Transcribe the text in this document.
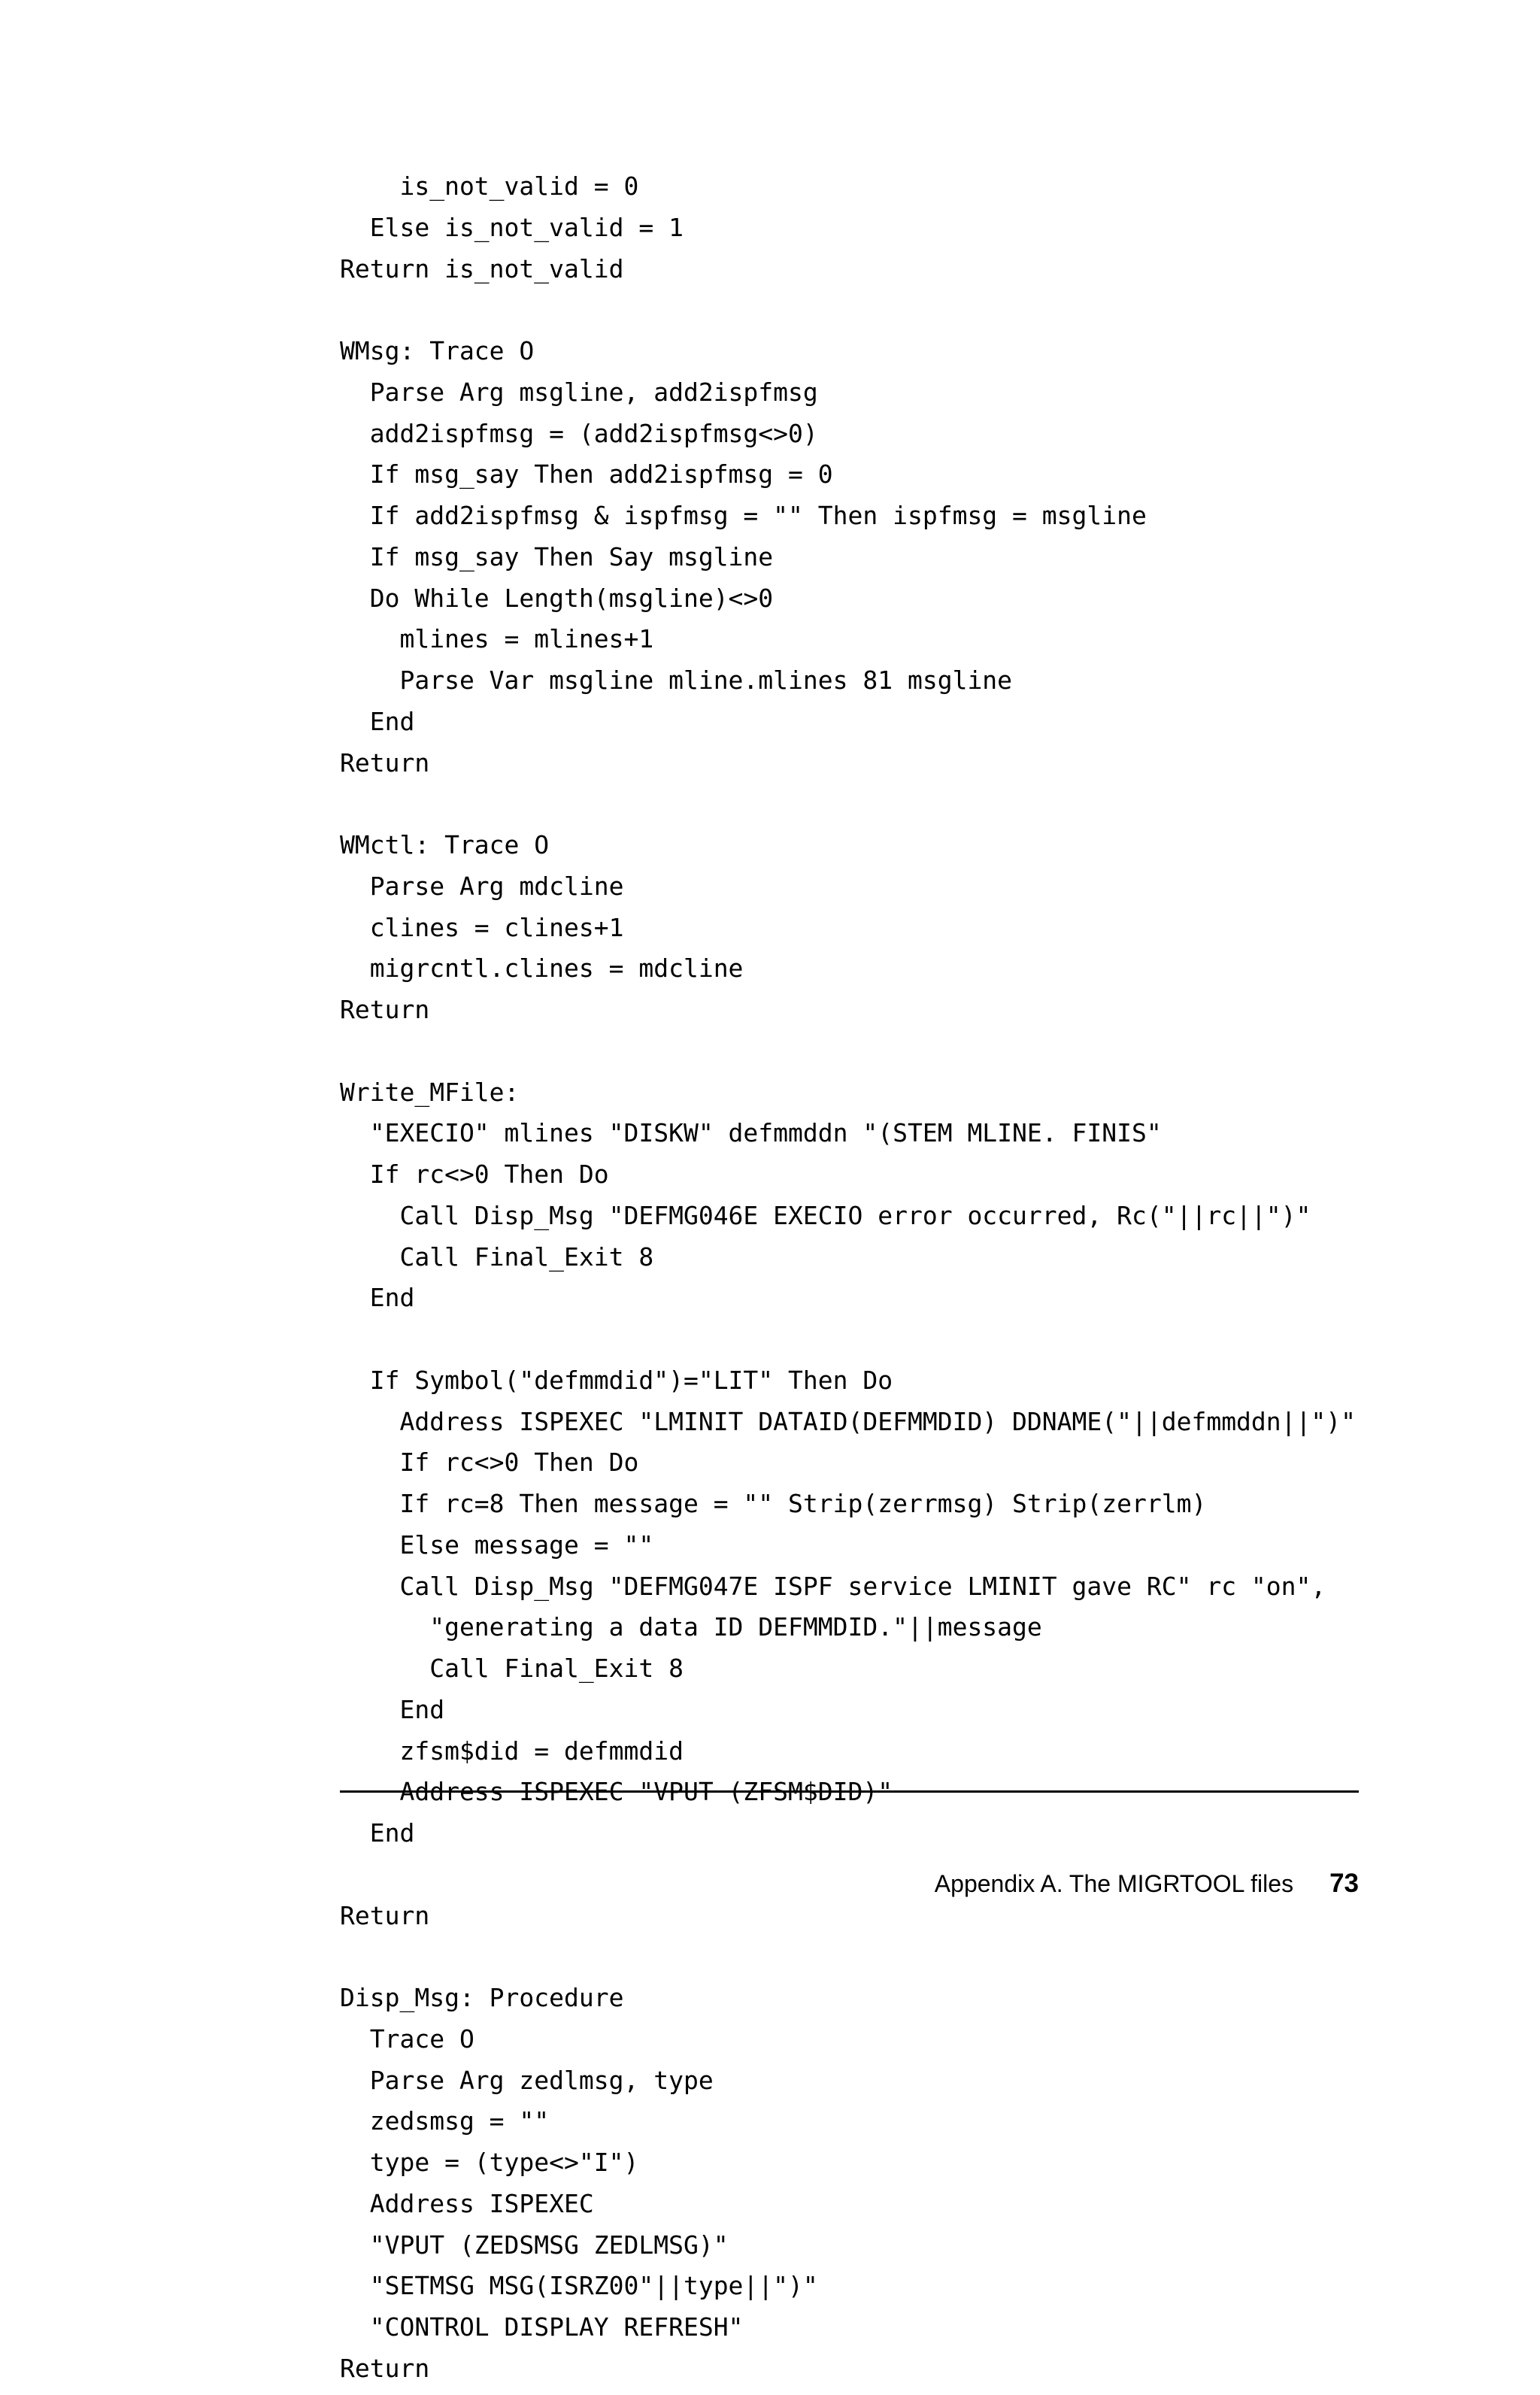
is_not_valid = 0

Else is_not_valid = 1

Return is_not_valid

WMsg: Trace O

Parse Arg msgline, add2ispfmsg

add2ispfmsg = (add2ispfmsg<>0)

If msg_say Then add2ispfmsg = 0

If add2ispfmsg & ispfmsg = "" Then ispfmsg = msgline

If msg_say Then Say msgline

Do While Length(msgline)<>0

mlines = mlines+1

Parse Var msgline mline.mlines 81 msgline

End

Return

WMctl: Trace O

Parse Arg mdcline

clines = clines+1

migrcntl.clines = mdcline

Return

Write_MFile:

"EXECIO" mlines "DISKW" defmmddn "(STEM MLINE. FINIS"

If rc<>0 Then Do

Call Disp_Msg "DEFMG046E EXECIO error occurred, Rc("||rc||")"

Call Final_Exit 8

End

If Symbol("defmmdid")="LIT" Then Do

Address ISPEXEC "LMINIT DATAID(DEFMMDID) DDNAME("||defmmddn||")"

If rc<>0 Then Do

If rc=8 Then message = "" Strip(zerrmsg) Strip(zerrlm)

Else message = ""

Call Disp_Msg "DEFMG047E ISPF service LMINIT gave RC" rc "on",

"generating a data ID DEFMMDID."||message

Call Final_Exit 8

End

zfsm$did = defmmdid

Address ISPEXEC "VPUT (ZFSM$DID)"

End

Return

Disp_Msg: Procedure

Trace O

Parse Arg zedlmsg, type

zedsmsg = ""

type = (type<>"I")

Address ISPEXEC

"VPUT (ZEDSMSG ZEDLMSG)"

"SETMSG MSG(ISRZ00"||type||")"

"CONTROL DISPLAY REFRESH"

Return

Appendix A. The MIGRTOOL files 73
